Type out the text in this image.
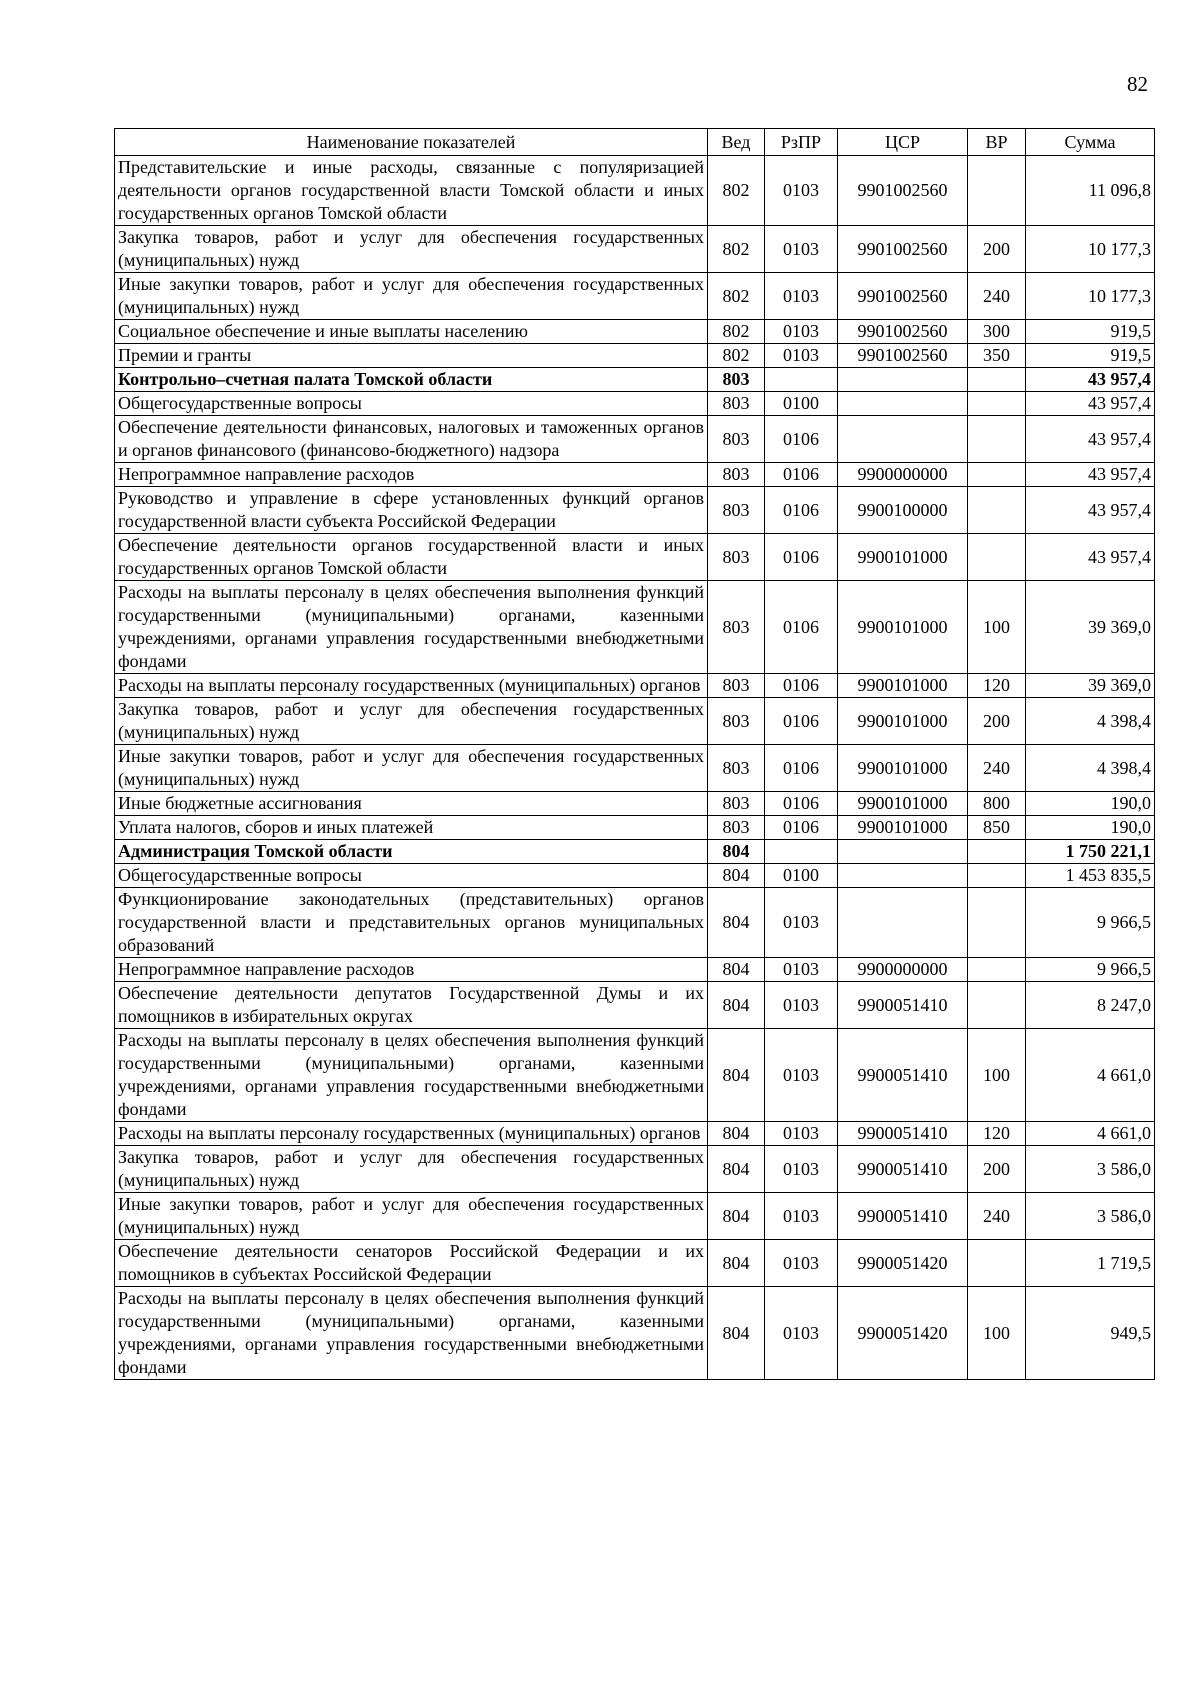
82
Наименование показателей	Вед	РзПР	ЦСР	ВР	Сумма
Представительские и иные расходы, связанные с популяризацией деятельности органов государственной власти Томской области и иных государственных органов Томской области	802	0103	9901002560		11 096,8
Закупка товаров, работ и услуг для обеспечения государственных (муниципальных) нужд	802	0103	9901002560	200	10 177,3
Иные закупки товаров, работ и услуг для обеспечения государственных (муниципальных) нужд	802	0103	9901002560	240	10 177,3
Социальное обеспечение и иные выплаты населению	802	0103	9901002560	300	919,5
Премии и гранты	802	0103	9901002560	350	919,5
Контрольно–счетная палата Томской области	803				43 957,4
Общегосударственные вопросы	803	0100			43 957,4
Обеспечение деятельности финансовых, налоговых и таможенных органов и органов финансового (финансово-бюджетного) надзора	803	0106			43 957,4
Непрограммное направление расходов	803	0106	9900000000		43 957,4
Руководство и управление в сфере установленных функций органов государственной власти субъекта Российской Федерации	803	0106	9900100000		43 957,4
Обеспечение деятельности органов государственной власти и иных государственных органов Томской области	803	0106	9900101000		43 957,4
Расходы на выплаты персоналу в целях обеспечения выполнения функций государственными (муниципальными) органами, казенными учреждениями, органами управления государственными внебюджетными фондами	803	0106	9900101000	100	39 369,0
Расходы на выплаты персоналу государственных (муниципальных) органов	803	0106	9900101000	120	39 369,0
Закупка товаров, работ и услуг для обеспечения государственных (муниципальных) нужд	803	0106	9900101000	200	4 398,4
Иные закупки товаров, работ и услуг для обеспечения государственных (муниципальных) нужд	803	0106	9900101000	240	4 398,4
Иные бюджетные ассигнования	803	0106	9900101000	800	190,0
Уплата налогов, сборов и иных платежей	803	0106	9900101000	850	190,0
Администрация Томской области	804				1 750 221,1
Общегосударственные вопросы	804	0100			1 453 835,5
Функционирование законодательных (представительных) органов государственной власти и представительных органов муниципальных образований	804	0103			9 966,5
Непрограммное направление расходов	804	0103	9900000000		9 966,5
Обеспечение деятельности депутатов Государственной Думы и их помощников в избирательных округах	804	0103	9900051410		8 247,0
Расходы на выплаты персоналу в целях обеспечения выполнения функций государственными (муниципальными) органами, казенными учреждениями, органами управления государственными внебюджетными фондами	804	0103	9900051410	100	4 661,0
Расходы на выплаты персоналу государственных (муниципальных) органов	804	0103	9900051410	120	4 661,0
Закупка товаров, работ и услуг для обеспечения государственных (муниципальных) нужд	804	0103	9900051410	200	3 586,0
Иные закупки товаров, работ и услуг для обеспечения государственных (муниципальных) нужд	804	0103	9900051410	240	3 586,0
Обеспечение деятельности сенаторов Российской Федерации и их помощников в субъектах Российской Федерации	804	0103	9900051420		1 719,5
Расходы на выплаты персоналу в целях обеспечения выполнения функций государственными (муниципальными) органами, казенными учреждениями, органами управления государственными внебюджетными фондами	804	0103	9900051420	100	949,5
